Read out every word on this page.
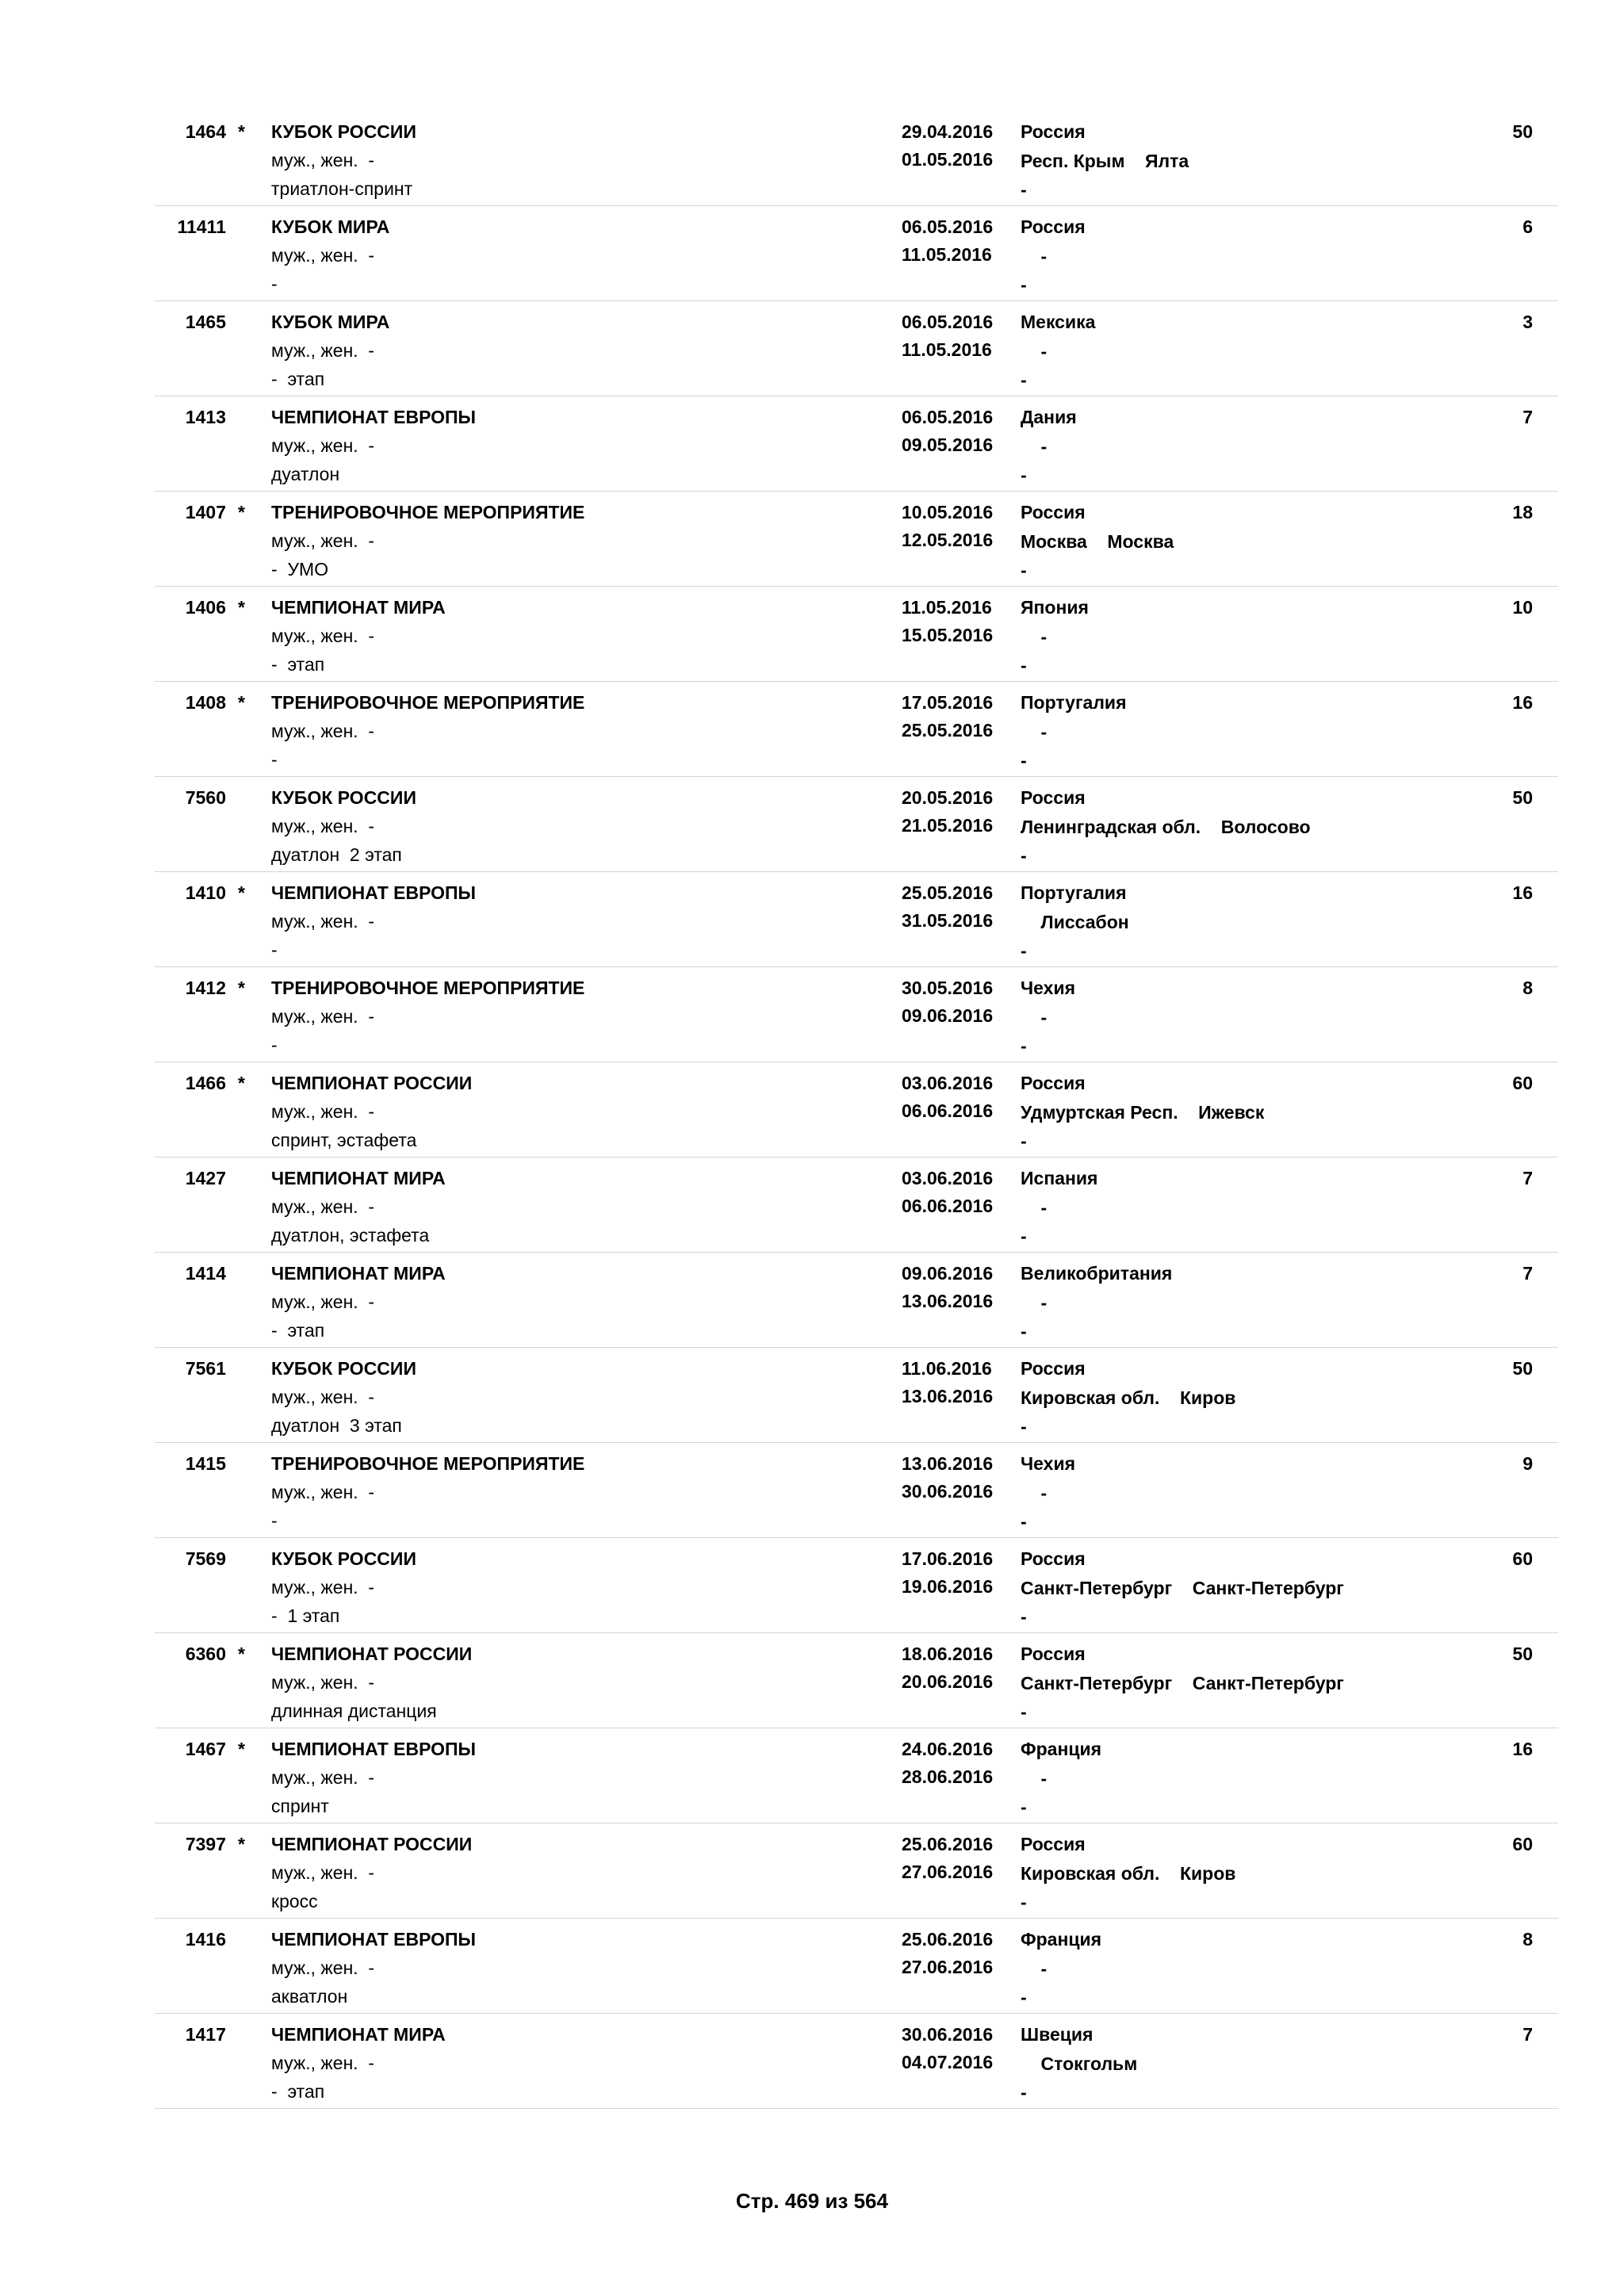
1464 * КУБОК РОССИИ
муж., жен.  -
триатлон-спринт
29.04.2016
01.05.2016
Россия
Респ. Крым    Ялта
-
50
11411 КУБОК МИРА
муж., жен.  -
-
06.05.2016
11.05.2016
Россия
-
-
6
1465 КУБОК МИРА
муж., жен.  -
-  этап
06.05.2016
11.05.2016
Мексика
-
-
3
1413 ЧЕМПИОНАТ ЕВРОПЫ
муж., жен.  -
дуатлон
06.05.2016
09.05.2016
Дания
-
-
7
1407 * ТРЕНИРОВОЧНОЕ МЕРОПРИЯТИЕ
муж., жен.  -
-  УМО
10.05.2016
12.05.2016
Россия
Москва    Москва
-
18
1406 * ЧЕМПИОНАТ МИРА
муж., жен.  -
-  этап
11.05.2016
15.05.2016
Япония
-
-
10
1408 * ТРЕНИРОВОЧНОЕ МЕРОПРИЯТИЕ
муж., жен.  -
-
17.05.2016
25.05.2016
Португалия
-
-
16
7560 КУБОК РОССИИ
муж., жен.  -
дуатлон  2 этап
20.05.2016
21.05.2016
Россия
Ленинградская обл.    Волосово
-
50
1410 * ЧЕМПИОНАТ ЕВРОПЫ
муж., жен.  -
-
25.05.2016
31.05.2016
Португалия
Лиссабон
-
16
1412 * ТРЕНИРОВОЧНОЕ МЕРОПРИЯТИЕ
муж., жен.  -
-
30.05.2016
09.06.2016
Чехия
-
-
8
1466 * ЧЕМПИОНАТ РОССИИ
муж., жен.  -
спринт, эстафета
03.06.2016
06.06.2016
Россия
Удмуртская Респ.    Ижевск
-
60
1427 ЧЕМПИОНАТ МИРА
муж., жен.  -
дуатлон, эстафета
03.06.2016
06.06.2016
Испания
-
-
7
1414 ЧЕМПИОНАТ МИРА
муж., жен.  -
-  этап
09.06.2016
13.06.2016
Великобритания
-
-
7
7561 КУБОК РОССИИ
муж., жен.  -
дуатлон  3 этап
11.06.2016
13.06.2016
Россия
Кировская обл.    Киров
-
50
1415 ТРЕНИРОВОЧНОЕ МЕРОПРИЯТИЕ
муж., жен.  -
-
13.06.2016
30.06.2016
Чехия
-
-
9
7569 КУБОК РОССИИ
муж., жен.  -
-  1 этап
17.06.2016
19.06.2016
Россия
Санкт-Петербург    Санкт-Петербург
-
60
6360 * ЧЕМПИОНАТ РОССИИ
муж., жен.  -
длинная дистанция
18.06.2016
20.06.2016
Россия
Санкт-Петербург    Санкт-Петербург
-
50
1467 * ЧЕМПИОНАТ ЕВРОПЫ
муж., жен.  -
спринт
24.06.2016
28.06.2016
Франция
-
-
16
7397 * ЧЕМПИОНАТ РОССИИ
муж., жен.  -
кросс
25.06.2016
27.06.2016
Россия
Кировская обл.    Киров
-
60
1416 ЧЕМПИОНАТ ЕВРОПЫ
муж., жен.  -
акватлон
25.06.2016
27.06.2016
Франция
-
-
8
1417 ЧЕМПИОНАТ МИРА
муж., жен.  -
-  этап
30.06.2016
04.07.2016
Швеция
Стокгольм
-
7
Стр. 469 из 564
